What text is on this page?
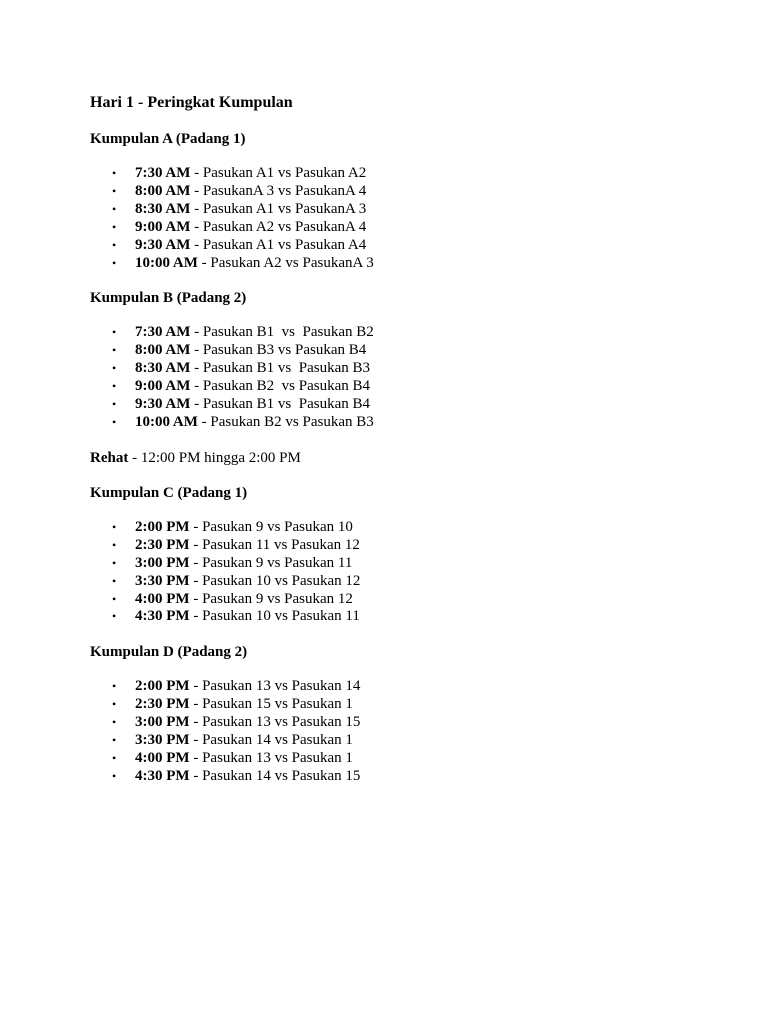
Hari 1 - Peringkat Kumpulan
Kumpulan A (Padang 1)
• 7:30 AM - Pasukan A1 vs Pasukan A2
• 8:00 AM - PasukanA 3 vs PasukanA 4
• 8:30 AM - Pasukan A1 vs PasukanA 3
• 9:00 AM - Pasukan A2 vs PasukanA 4
• 9:30 AM - Pasukan A1 vs Pasukan A4
• 10:00 AM - Pasukan A2 vs PasukanA 3
Kumpulan B (Padang 2)
• 7:30 AM - Pasukan B1  vs  Pasukan B2
• 8:00 AM - Pasukan B3 vs Pasukan B4
• 8:30 AM - Pasukan B1 vs  Pasukan B3
• 9:00 AM - Pasukan B2  vs Pasukan B4
• 9:30 AM - Pasukan B1 vs  Pasukan B4
• 10:00 AM - Pasukan B2 vs Pasukan B3
Rehat - 12:00 PM hingga 2:00 PM
Kumpulan C (Padang 1)
• 2:00 PM - Pasukan 9 vs Pasukan 10
• 2:30 PM - Pasukan 11 vs Pasukan 12
• 3:00 PM - Pasukan 9 vs Pasukan 11
• 3:30 PM - Pasukan 10 vs Pasukan 12
• 4:00 PM - Pasukan 9 vs Pasukan 12
• 4:30 PM - Pasukan 10 vs Pasukan 11
Kumpulan D (Padang 2)
• 2:00 PM - Pasukan 13 vs Pasukan 14
• 2:30 PM - Pasukan 15 vs Pasukan 1
• 3:00 PM - Pasukan 13 vs Pasukan 15
• 3:30 PM - Pasukan 14 vs Pasukan 1
• 4:00 PM - Pasukan 13 vs Pasukan 1
• 4:30 PM - Pasukan 14 vs Pasukan 15
